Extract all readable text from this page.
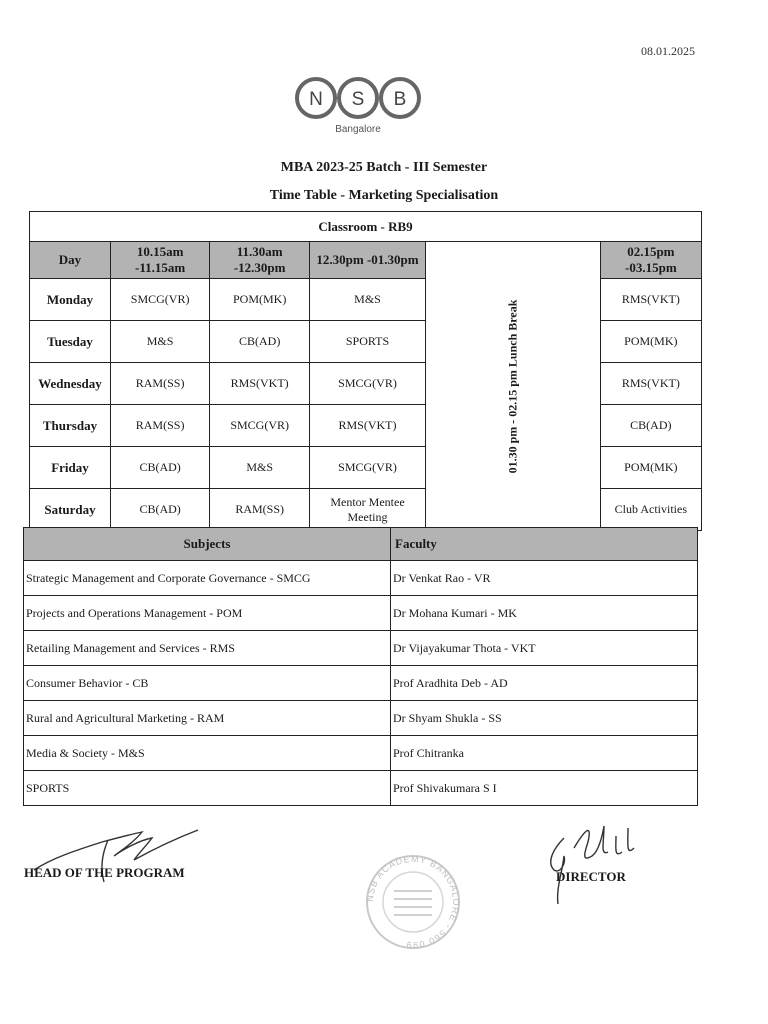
08.01.2025
N S B
Bangalore
MBA 2023-25 Batch - III Semester
Time Table - Marketing Specialisation
Classroom - RB9					
Day	10.15am -11.15am	11.30am -12.30pm	12.30pm -01.30pm	01.30 pm - 02.15 pm Lunch Break	02.15pm -03.15pm
Monday	SMCG(VR)	POM(MK)	M&S		RMS(VKT)
Tuesday	M&S	CB(AD)	SPORTS		POM(MK)
Wednesday	RAM(SS)	RMS(VKT)	SMCG(VR)		RMS(VKT)
Thursday	RAM(SS)	SMCG(VR)	RMS(VKT)		CB(AD)
Friday	CB(AD)	M&S	SMCG(VR)		POM(MK)
Saturday	CB(AD)	RAM(SS)	Mentor Mentee Meeting		Club Activities
Subjects	Faculty
Strategic Management and Corporate Governance - SMCG	Dr Venkat Rao - VR
Projects and Operations Management - POM	Dr Mohana Kumari - MK
Retailing Management and Services - RMS	Dr Vijayakumar Thota - VKT
Consumer Behavior - CB	Prof Aradhita Deb - AD
Rural and Agricultural Marketing - RAM	Dr Shyam Shukla - SS
Media & Society - M&S	Prof Chitranka
SPORTS	Prof Shivakumara S I
HEAD OF THE PROGRAM
NSB ACADEMY BANGALORE - 560 099
DIRECTOR
